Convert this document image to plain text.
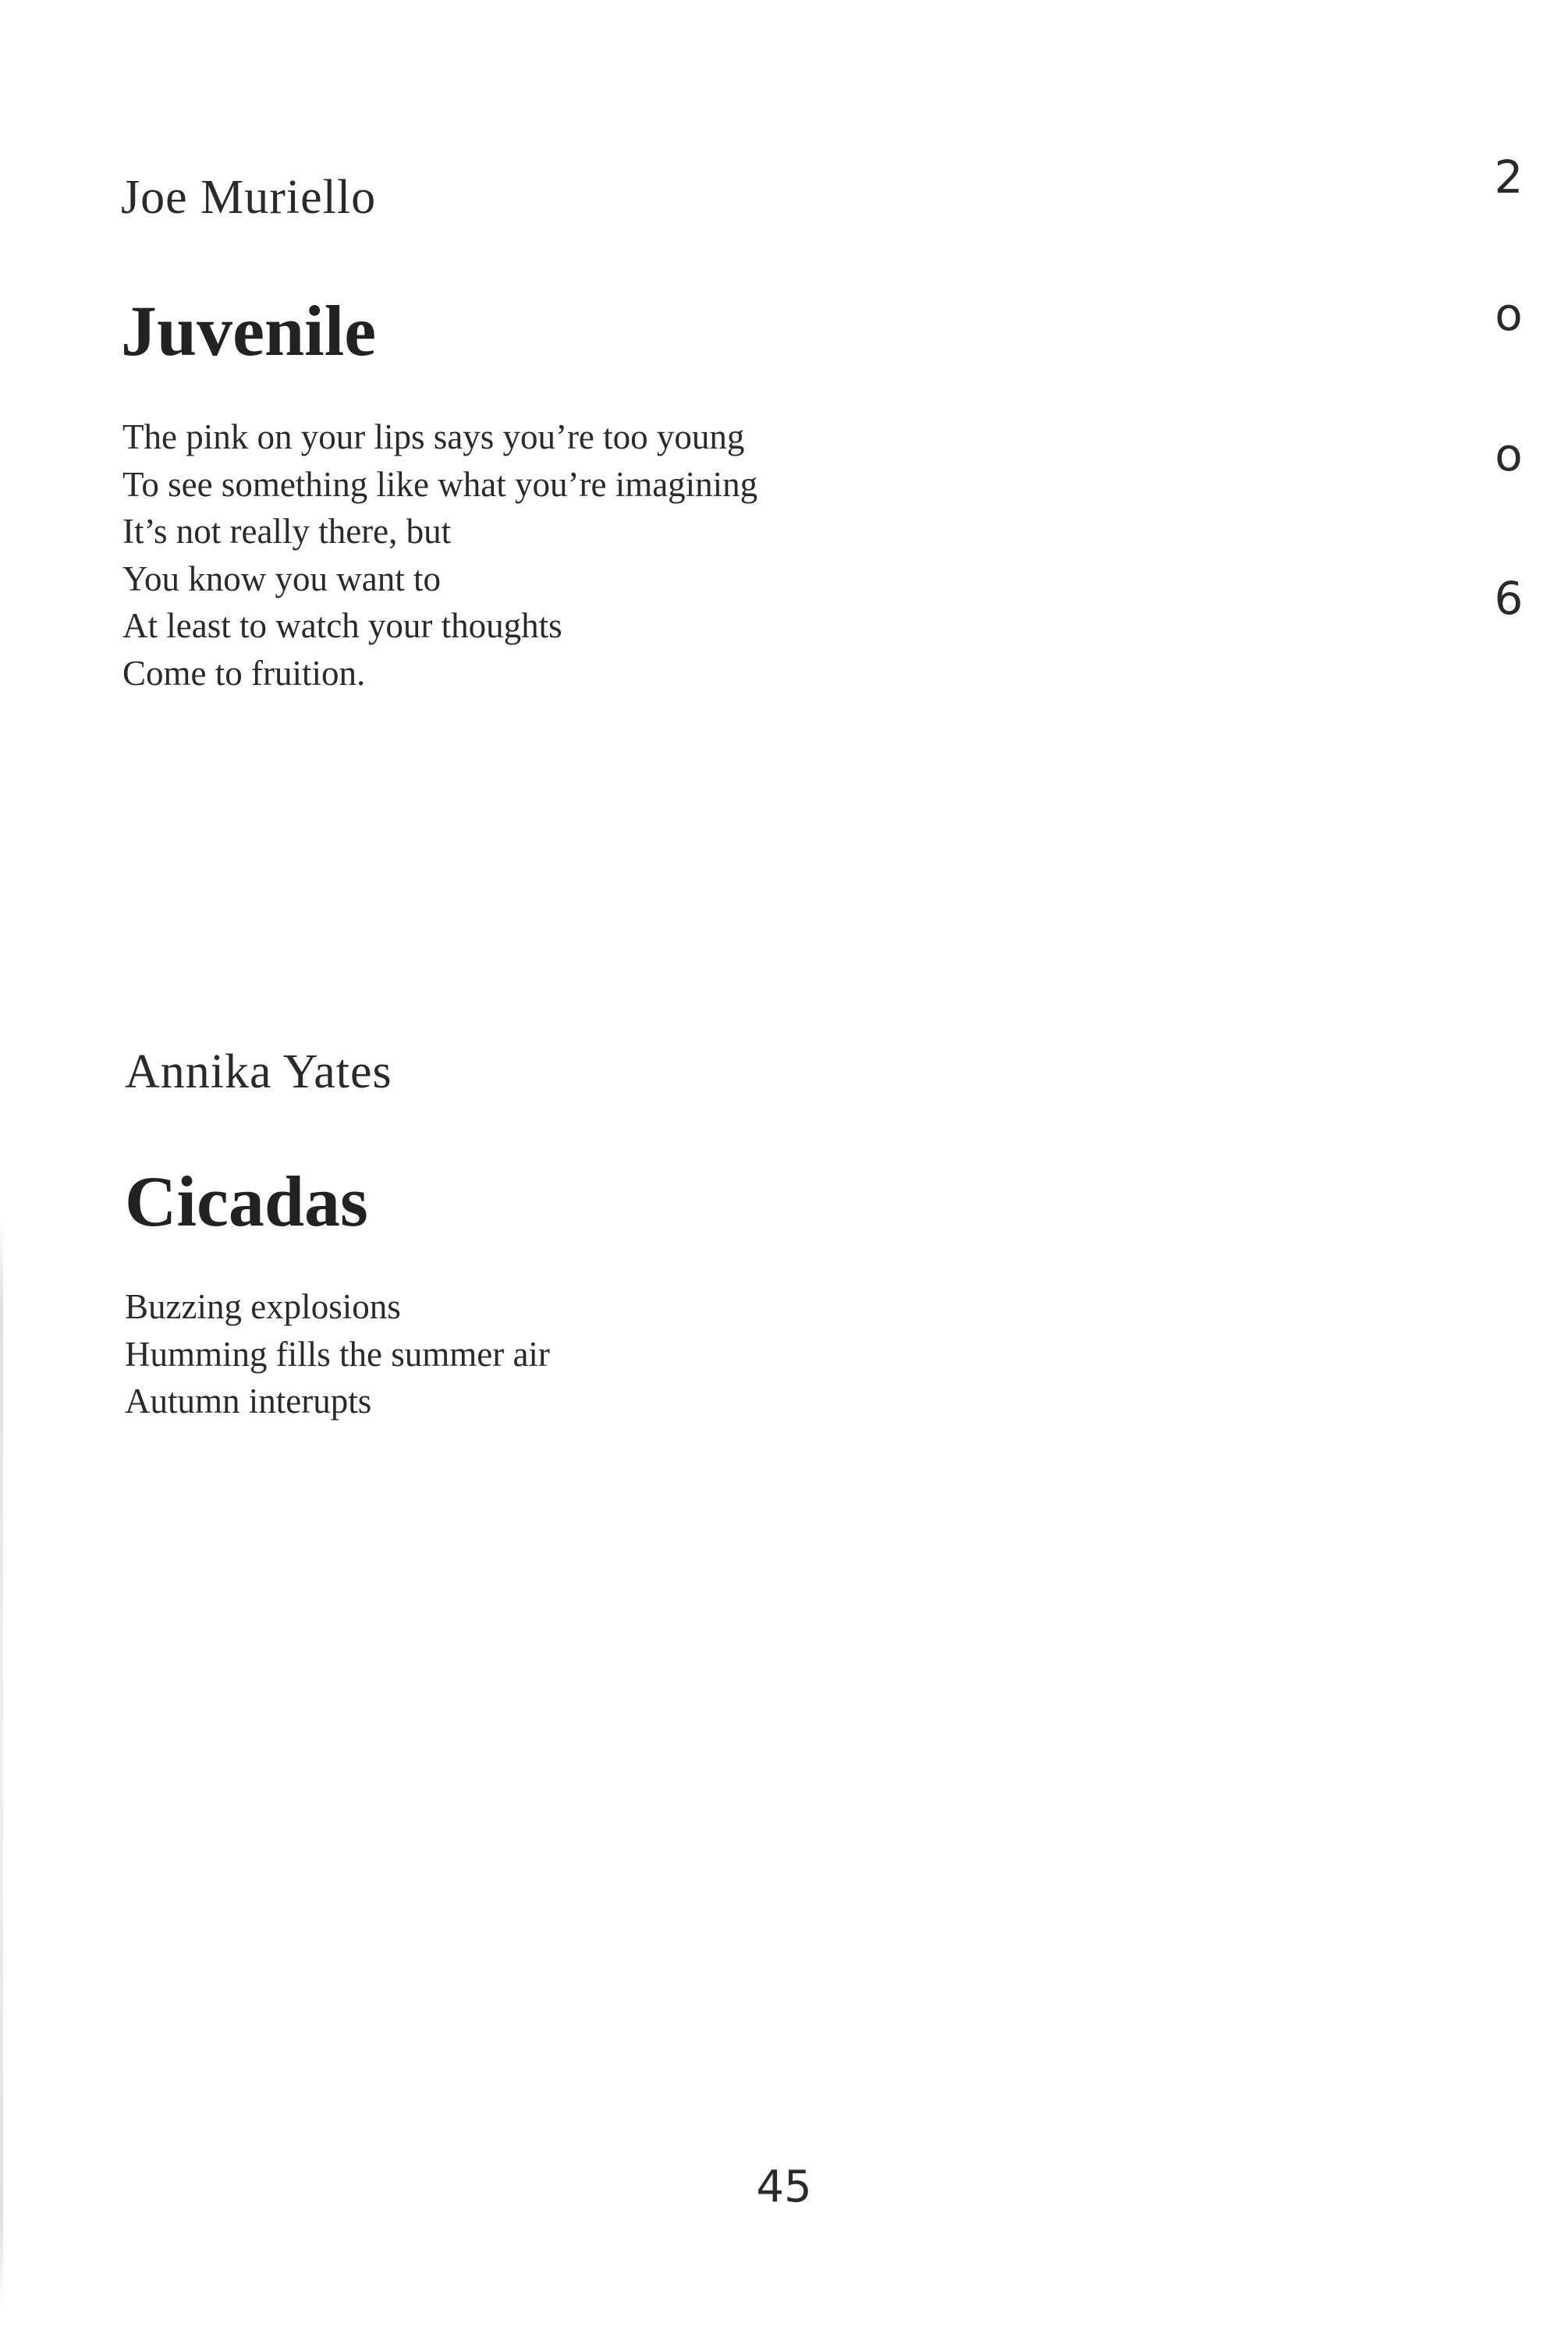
Joe Muriello
Juvenile
The pink on your lips says you’re too young
To see something like what you’re imagining
It’s not really there, but
You know you want to
At least to watch your thoughts
Come to fruition.
Annika Yates
Cicadas
Buzzing explosions
Humming fills the summer air
Autumn interupts
2
o
o
6
45
